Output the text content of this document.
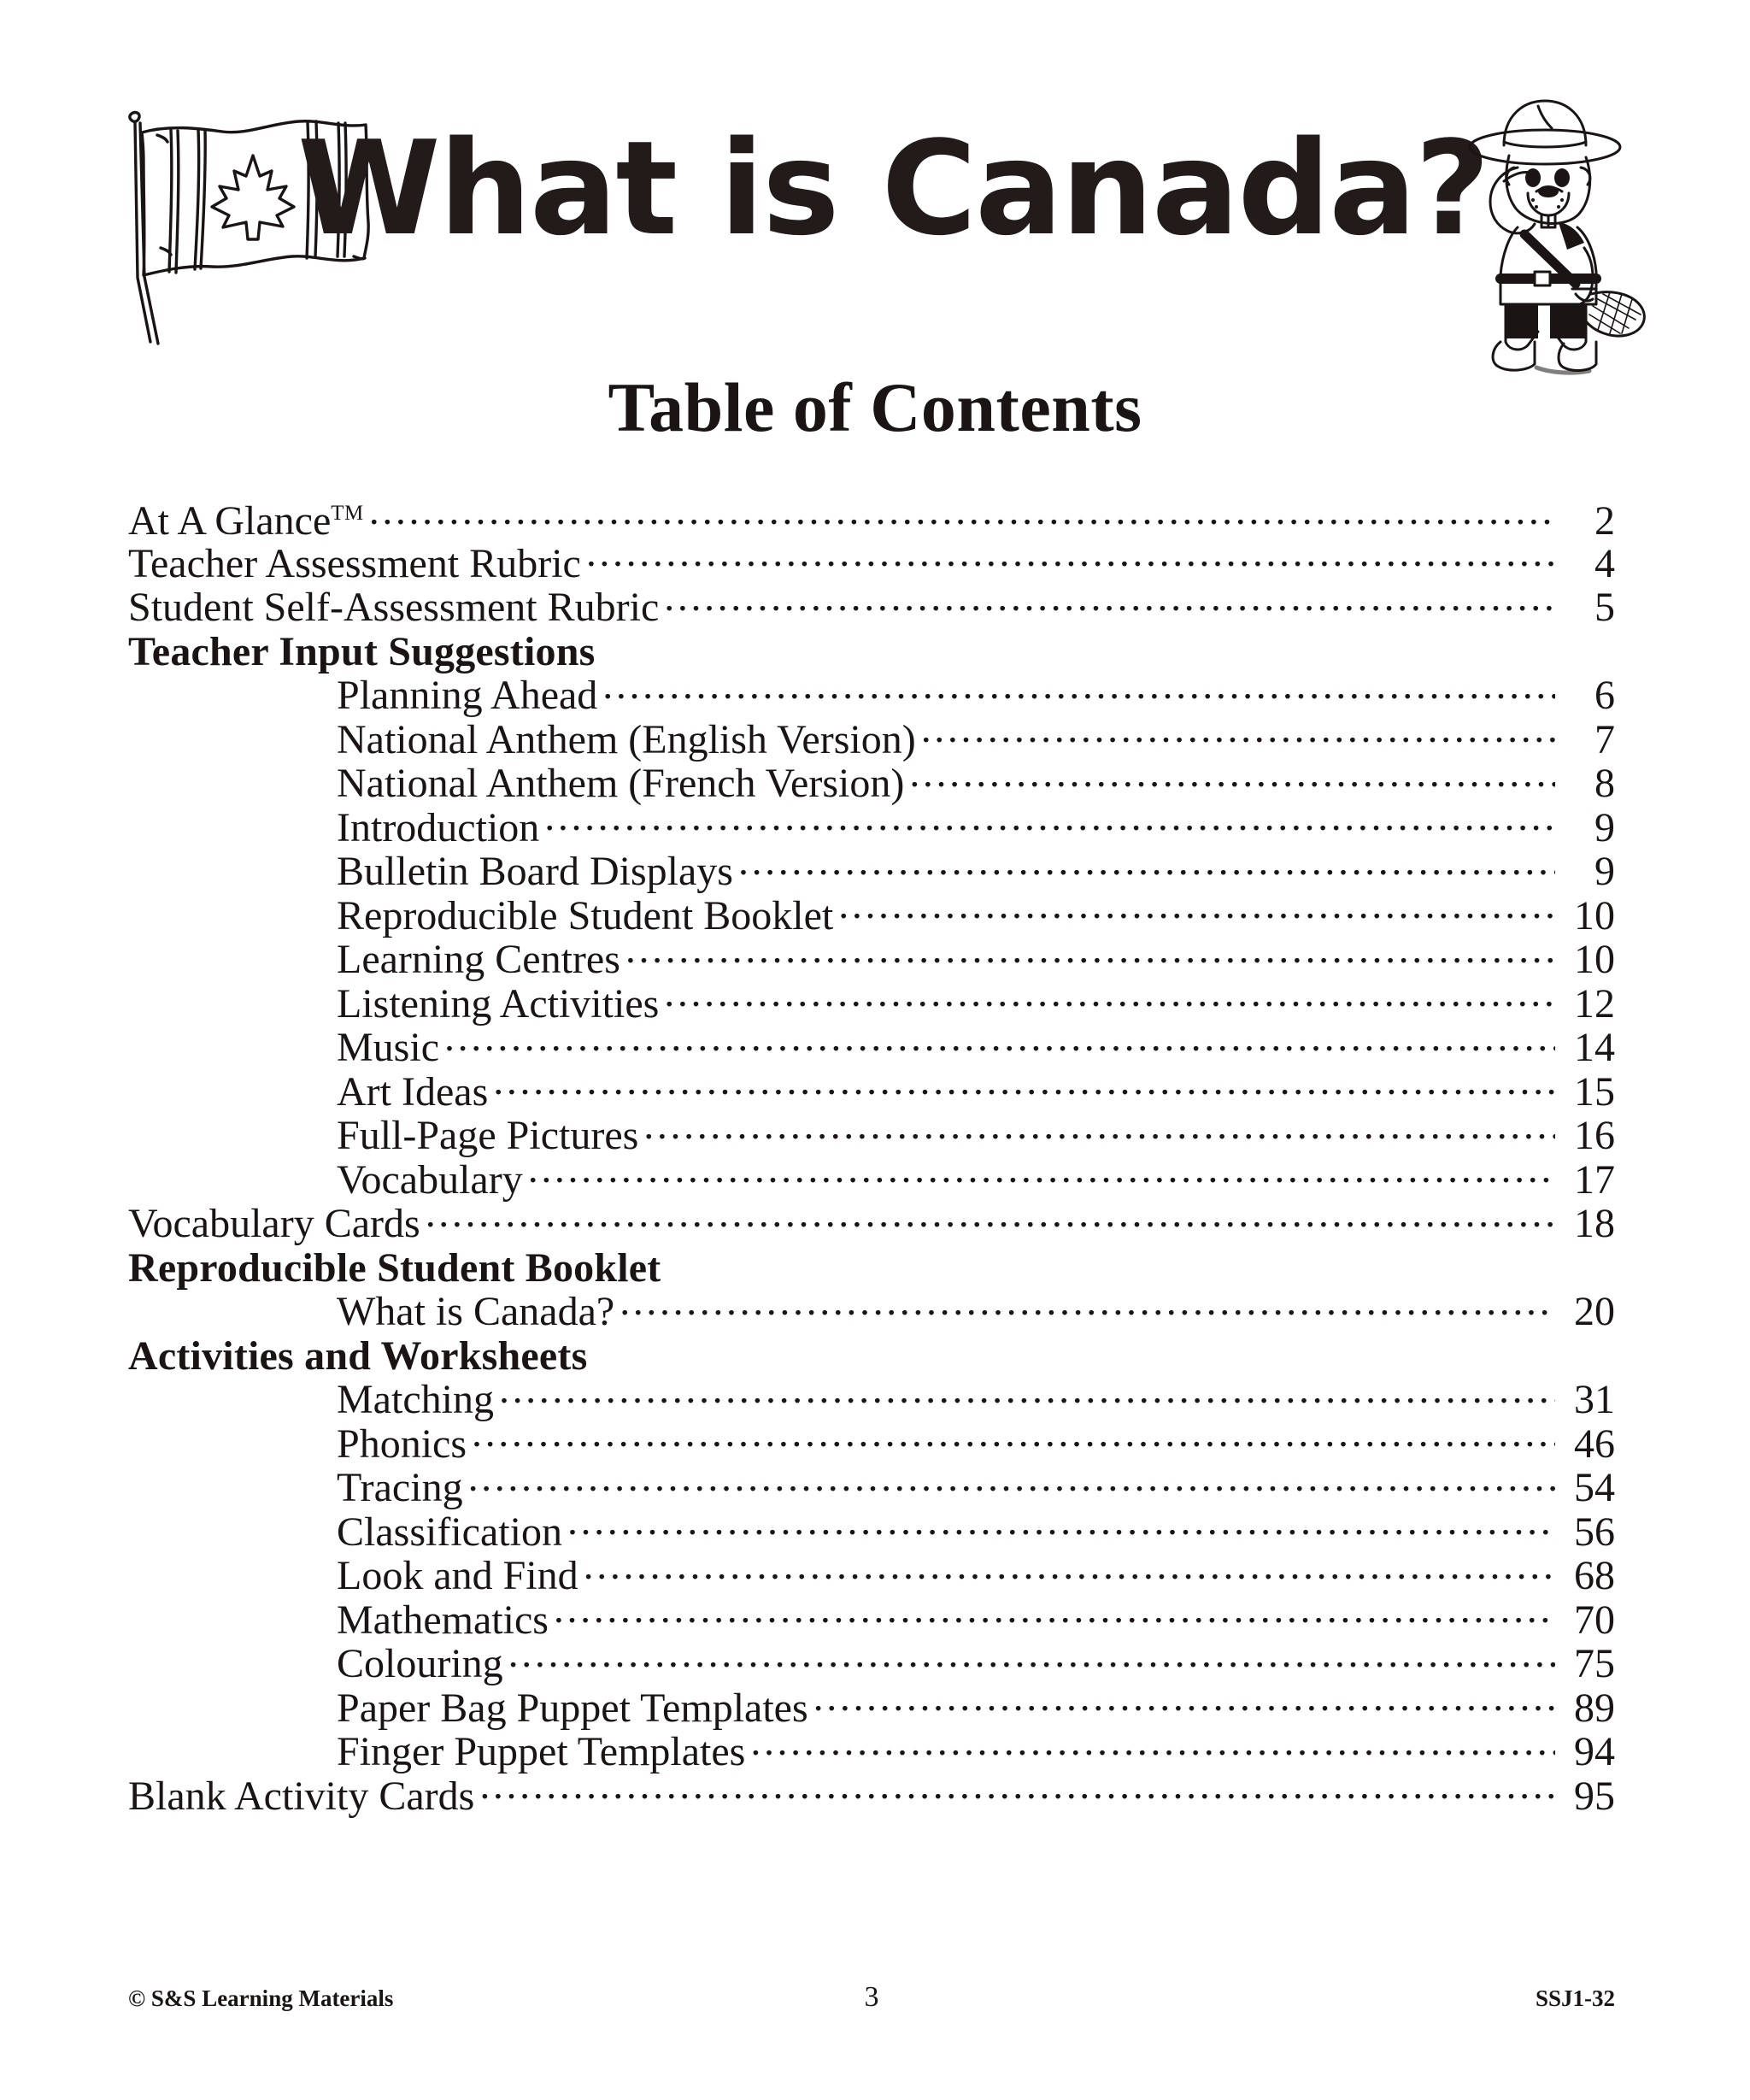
What is Canada?
Table of Contents
At A Glance™ .....	2
Teacher Assessment Rubric .....	4
Student Self-Assessment Rubric .....	5
Teacher Input Suggestions
Planning Ahead .....	6
National Anthem (English Version) .....	7
National Anthem (French Version) .....	8
Introduction .....	9
Bulletin Board Displays .....	9
Reproducible Student Booklet .....	10
Learning Centres .....	10
Listening Activities .....	12
Music .....	14
Art Ideas .....	15
Full-Page Pictures .....	16
Vocabulary .....	17
Vocabulary Cards .....	18
Reproducible Student Booklet
What is Canada? .....	20
Activities and Worksheets
Matching .....	31
Phonics .....	46
Tracing .....	54
Classification .....	56
Look and Find .....	68
Mathematics .....	70
Colouring .....	75
Paper Bag Puppet Templates .....	89
Finger Puppet Templates .....	94
Blank Activity Cards .....	95
© S&S Learning Materials	3	SSJ1-32
